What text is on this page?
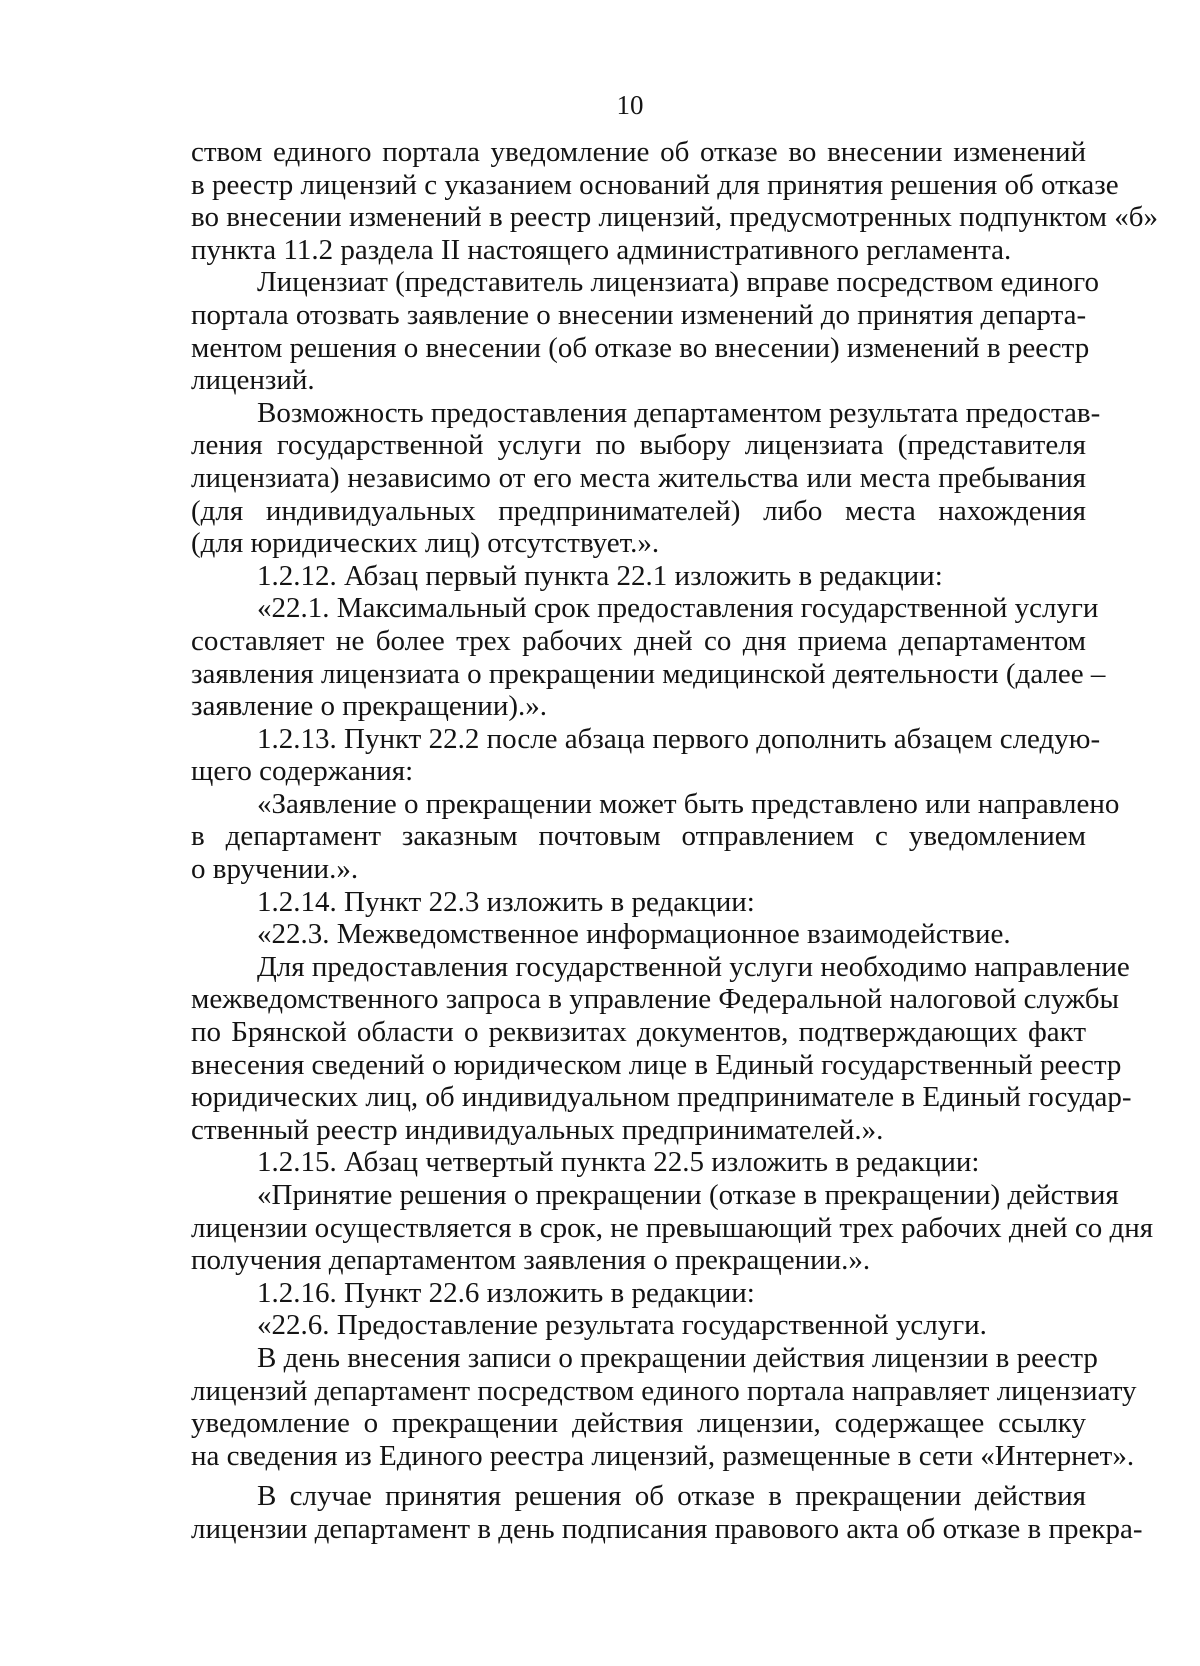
10
ством единого портала уведомление об отказе во внесении изменений
в реестр лицензий с указанием оснований для принятия решения об отказе
во внесении изменений в реестр лицензий, предусмотренных подпунктом «б»
пункта 11.2 раздела II настоящего административного регламента.
Лицензиат (представитель лицензиата) вправе посредством единого
портала отозвать заявление о внесении изменений до принятия департа-
ментом решения о внесении (об отказе во внесении) изменений в реестр
лицензий.
Возможность предоставления департаментом результата предостав-
ления государственной услуги по выбору лицензиата (представителя
лицензиата) независимо от его места жительства или места пребывания
(для индивидуальных предпринимателей) либо места нахождения
(для юридических лиц) отсутствует.».
1.2.12. Абзац первый пункта 22.1 изложить в редакции:
«22.1. Максимальный срок предоставления государственной услуги
составляет не более трех рабочих дней со дня приема департаментом
заявления лицензиата о прекращении медицинской деятельности (далее –
заявление о прекращении).».
1.2.13. Пункт 22.2 после абзаца первого дополнить абзацем следую-
щего содержания:
«Заявление о прекращении может быть представлено или направлено
в департамент заказным почтовым отправлением с уведомлением
о вручении.».
1.2.14. Пункт 22.3 изложить в редакции:
«22.3. Межведомственное информационное взаимодействие.
Для предоставления государственной услуги необходимо направление
межведомственного запроса в управление Федеральной налоговой службы
по Брянской области о реквизитах документов, подтверждающих факт
внесения сведений о юридическом лице в Единый государственный реестр
юридических лиц, об индивидуальном предпринимателе в Единый государ-
ственный реестр индивидуальных предпринимателей.».
1.2.15. Абзац четвертый пункта 22.5 изложить в редакции:
«Принятие решения о прекращении (отказе в прекращении) действия
лицензии осуществляется в срок, не превышающий трех рабочих дней со дня
получения департаментом заявления о прекращении.».
1.2.16. Пункт 22.6 изложить в редакции:
«22.6. Предоставление результата государственной услуги.
В день внесения записи о прекращении действия лицензии в реестр
лицензий департамент посредством единого портала направляет лицензиату
уведомление о прекращении действия лицензии, содержащее ссылку
на сведения из Единого реестра лицензий, размещенные в сети «Интернет».
В случае принятия решения об отказе в прекращении действия
лицензии департамент в день подписания правового акта об отказе в прекра-
